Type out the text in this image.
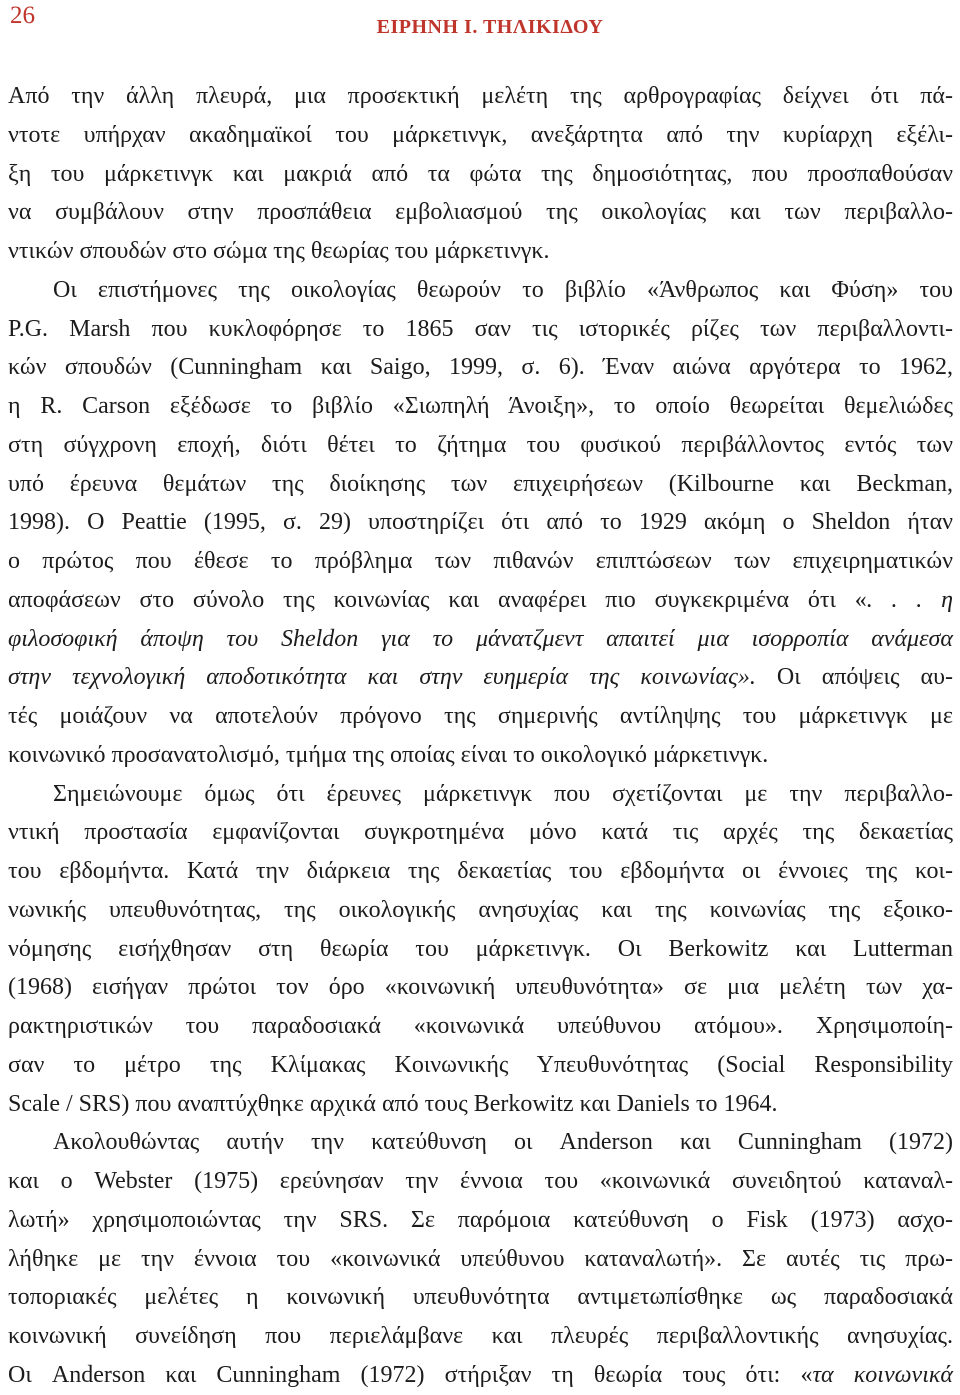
26	ΕΙΡΗΝΗ Ι. ΤΗΛΙΚΙΔΟΥ
Από την άλλη πλευρά, μια προσεκτική μελέτη της αρθρογραφίας δείχνει ότι πά-
ντοτε υπήρχαν ακαδημαϊκοί του μάρκετινγκ, ανεξάρτητα από την κυρίαρχη εξέλι-
ξη του μάρκετινγκ και μακριά από τα φώτα της δημοσιότητας, που προσπαθούσαν
να συμβάλουν στην προσπάθεια εμβολιασμού της οικολογίας και των περιβαλλο-
ντικών σπουδών στο σώμα της θεωρίας του μάρκετινγκ.
Οι επιστήμονες της οικολογίας θεωρούν το βιβλίο «Άνθρωπος και Φύση» του
P.G. Marsh που κυκλοφόρησε το 1865 σαν τις ιστορικές ρίζες των περιβαλλοντι-
κών σπουδών (Cunningham και Saigo, 1999, σ. 6). Έναν αιώνα αργότερα το 1962,
η R. Carson εξέδωσε το βιβλίο «Σιωπηλή Άνοιξη», το οποίο θεωρείται θεμελιώδες
στη σύγχρονη εποχή, διότι θέτει το ζήτημα του φυσικού περιβάλλοντος εντός των
υπό έρευνα θεμάτων της διοίκησης των επιχειρήσεων (Kilbourne και Beckman,
1998). Ο Peattie (1995, σ. 29) υποστηρίζει ότι από το 1929 ακόμη ο Sheldon ήταν
ο πρώτος που έθεσε το πρόβλημα των πιθανών επιπτώσεων των επιχειρηματικών
αποφάσεων στο σύνολο της κοινωνίας και αναφέρει πιο συγκεκριμένα ότι «. . . η
φιλοσοφική άποψη του Sheldon για το μάνατζμεντ απαιτεί μια ισορροπία ανάμεσα
στην τεχνολογική αποδοτικότητα και στην ευημερία της κοινωνίας». Οι απόψεις αυ-
τές μοιάζουν να αποτελούν πρόγονο της σημερινής αντίληψης του μάρκετινγκ με
κοινωνικό προσανατολισμό, τμήμα της οποίας είναι το οικολογικό μάρκετινγκ.
Σημειώνουμε όμως ότι έρευνες μάρκετινγκ που σχετίζονται με την περιβαλλο-
ντική προστασία εμφανίζονται συγκροτημένα μόνο κατά τις αρχές της δεκαετίας
του εβδομήντα. Κατά την διάρκεια της δεκαετίας του εβδομήντα οι έννοιες της κοι-
νωνικής υπευθυνότητας, της οικολογικής ανησυχίας και της κοινωνίας της εξοικο-
νόμησης εισήχθησαν στη θεωρία του μάρκετινγκ. Οι Berkowitz και Lutterman
(1968) εισήγαν πρώτοι τον όρο «κοινωνική υπευθυνότητα» σε μια μελέτη των χα-
ρακτηριστικών του παραδοσιακά «κοινωνικά υπεύθυνου ατόμου». Χρησιμοποίη-
σαν το μέτρο της Κλίμακας Κοινωνικής Υπευθυνότητας (Social Responsibility
Scale / SRS) που αναπτύχθηκε αρχικά από τους Berkowitz και Daniels το 1964.
Ακολουθώντας αυτήν την κατεύθυνση οι Anderson και Cunningham (1972)
και ο Webster (1975) ερεύνησαν την έννοια του «κοινωνικά συνειδητού καταναλ-
λωτή» χρησιμοποιώντας την SRS. Σε παρόμοια κατεύθυνση ο Fisk (1973) ασχο-
λήθηκε με την έννοια του «κοινωνικά υπεύθυνου καταναλωτή». Σε αυτές τις πρω-
τοποριακές μελέτες η κοινωνική υπευθυνότητα αντιμετωπίσθηκε ως παραδοσιακά
κοινωνική συνείδηση που περιελάμβανε και πλευρές περιβαλλοντικής ανησυχίας.
Οι Anderson και Cunningham (1972) στήριξαν τη θεωρία τους ότι: «τα κοινωνικά
